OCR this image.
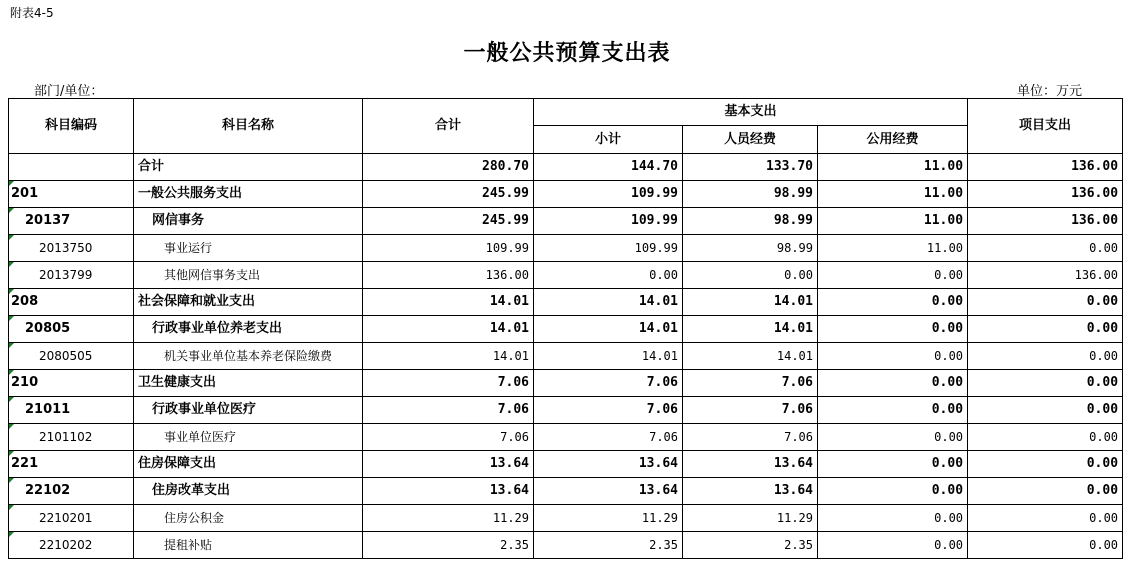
附表4-5
一般公共预算支出表
部门/单位：	单位：万元
科目编码	科目名称	合计	基本支出			项目支出
			小计	人员经费	公用经费	
	合计	280.70	144.70	133.70	11.00	136.00
201	一般公共服务支出	245.99	109.99	98.99	11.00	136.00
20137	网信事务	245.99	109.99	98.99	11.00	136.00
2013750	事业运行	109.99	109.99	98.99	11.00	0.00
2013799	其他网信事务支出	136.00	0.00	0.00	0.00	136.00
208	社会保障和就业支出	14.01	14.01	14.01	0.00	0.00
20805	行政事业单位养老支出	14.01	14.01	14.01	0.00	0.00
2080505	机关事业单位基本养老保险缴费	14.01	14.01	14.01	0.00	0.00
210	卫生健康支出	7.06	7.06	7.06	0.00	0.00
21011	行政事业单位医疗	7.06	7.06	7.06	0.00	0.00
2101102	事业单位医疗	7.06	7.06	7.06	0.00	0.00
221	住房保障支出	13.64	13.64	13.64	0.00	0.00
22102	住房改革支出	13.64	13.64	13.64	0.00	0.00
2210201	住房公积金	11.29	11.29	11.29	0.00	0.00
2210202	提租补贴	2.35	2.35	2.35	0.00	0.00
